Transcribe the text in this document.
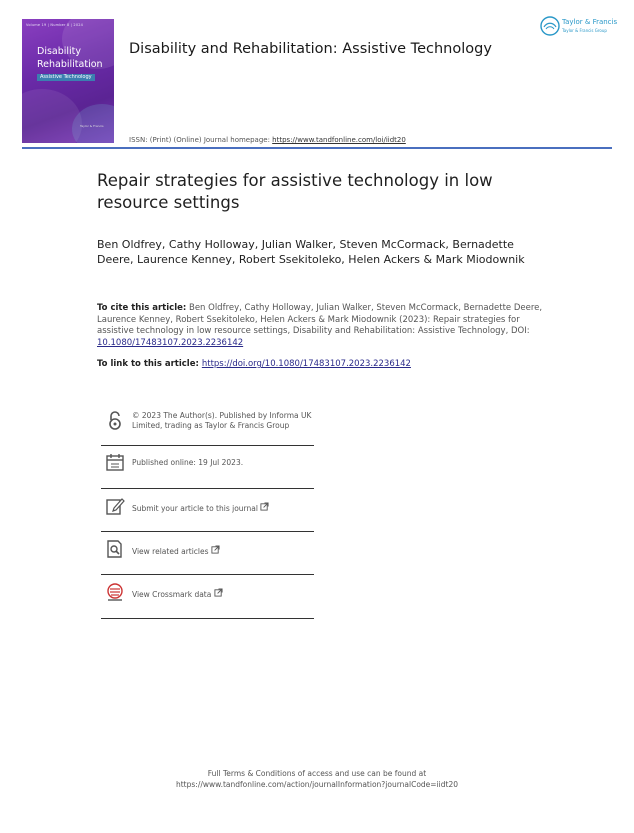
Volume 19 | Number 8 | 2024
Disability
Rehabilitation
Assistive Technology
Taylor & Francis
Disability and Rehabilitation: Assistive Technology
ISSN: (Print) (Online) Journal homepage: https://www.tandfonline.com/loi/iidt20
Taylor & Francis
Taylor & Francis Group
Repair strategies for assistive technology in low resource settings
Ben Oldfrey, Cathy Holloway, Julian Walker, Steven McCormack, Bernadette Deere, Laurence Kenney, Robert Ssekitoleko, Helen Ackers & Mark Miodownik
To cite this article: Ben Oldfrey, Cathy Holloway, Julian Walker, Steven McCormack, Bernadette Deere, Laurence Kenney, Robert Ssekitoleko, Helen Ackers & Mark Miodownik (2023): Repair strategies for assistive technology in low resource settings, Disability and Rehabilitation: Assistive Technology, DOI: 10.1080/17483107.2023.2236142
To link to this article: https://doi.org/10.1080/17483107.2023.2236142
© 2023 The Author(s). Published by Informa UK Limited, trading as Taylor & Francis Group
Published online: 19 Jul 2023.
Submit your article to this journal
View related articles
View Crossmark data
Full Terms & Conditions of access and use can be found at
https://www.tandfonline.com/action/journalInformation?journalCode=iidt20
